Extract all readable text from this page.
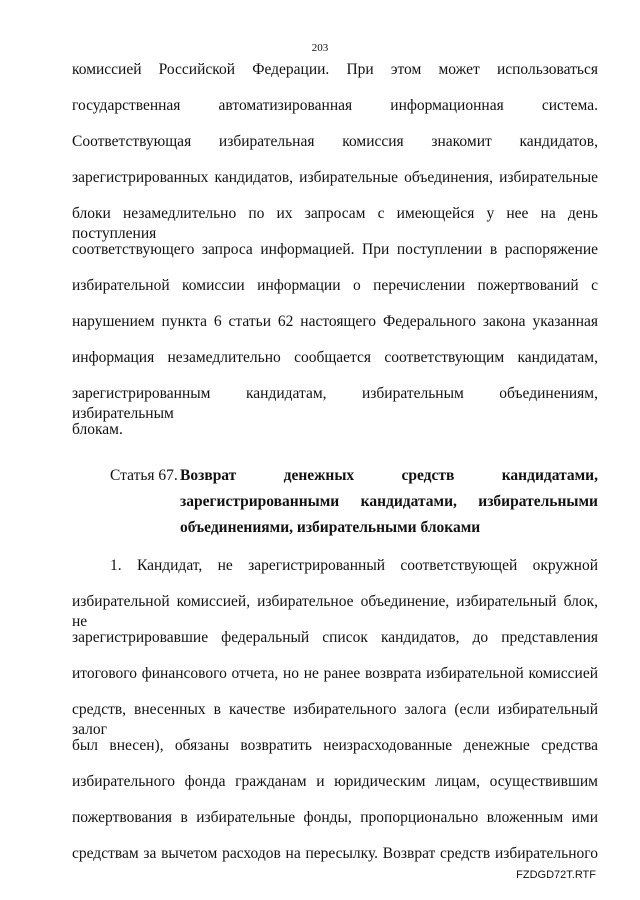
203
комиссией Российской Федерации. При этом может использоваться
государственная автоматизированная информационная система.
Соответствующая избирательная комиссия знакомит кандидатов,
зарегистрированных кандидатов, избирательные объединения, избирательные
блоки незамедлительно по их запросам с имеющейся у нее на день поступления
соответствующего запроса информацией. При поступлении в распоряжение
избирательной комиссии информации о перечислении пожертвований с
нарушением пункта 6 статьи 62 настоящего Федерального закона указанная
информация незамедлительно сообщается соответствующим кандидатам,
зарегистрированным кандидатам, избирательным объединениям, избирательным
блокам.
Статья 67. Возврат денежных средств кандидатами,
зарегистрированными кандидатами, избирательными
объединениями, избирательными блоками
1. Кандидат, не зарегистрированный соответствующей окружной
избирательной комиссией, избирательное объединение, избирательный блок, не
зарегистрировавшие федеральный список кандидатов, до представления
итогового финансового отчета, но не ранее возврата избирательной комиссией
средств, внесенных в качестве избирательного залога (если избирательный залог
был внесен), обязаны возвратить неизрасходованные денежные средства
избирательного фонда гражданам и юридическим лицам, осуществившим
пожертвования в избирательные фонды, пропорционально вложенным ими
средствам за вычетом расходов на пересылку. Возврат средств избирательного
FZDGD72T.RTF
